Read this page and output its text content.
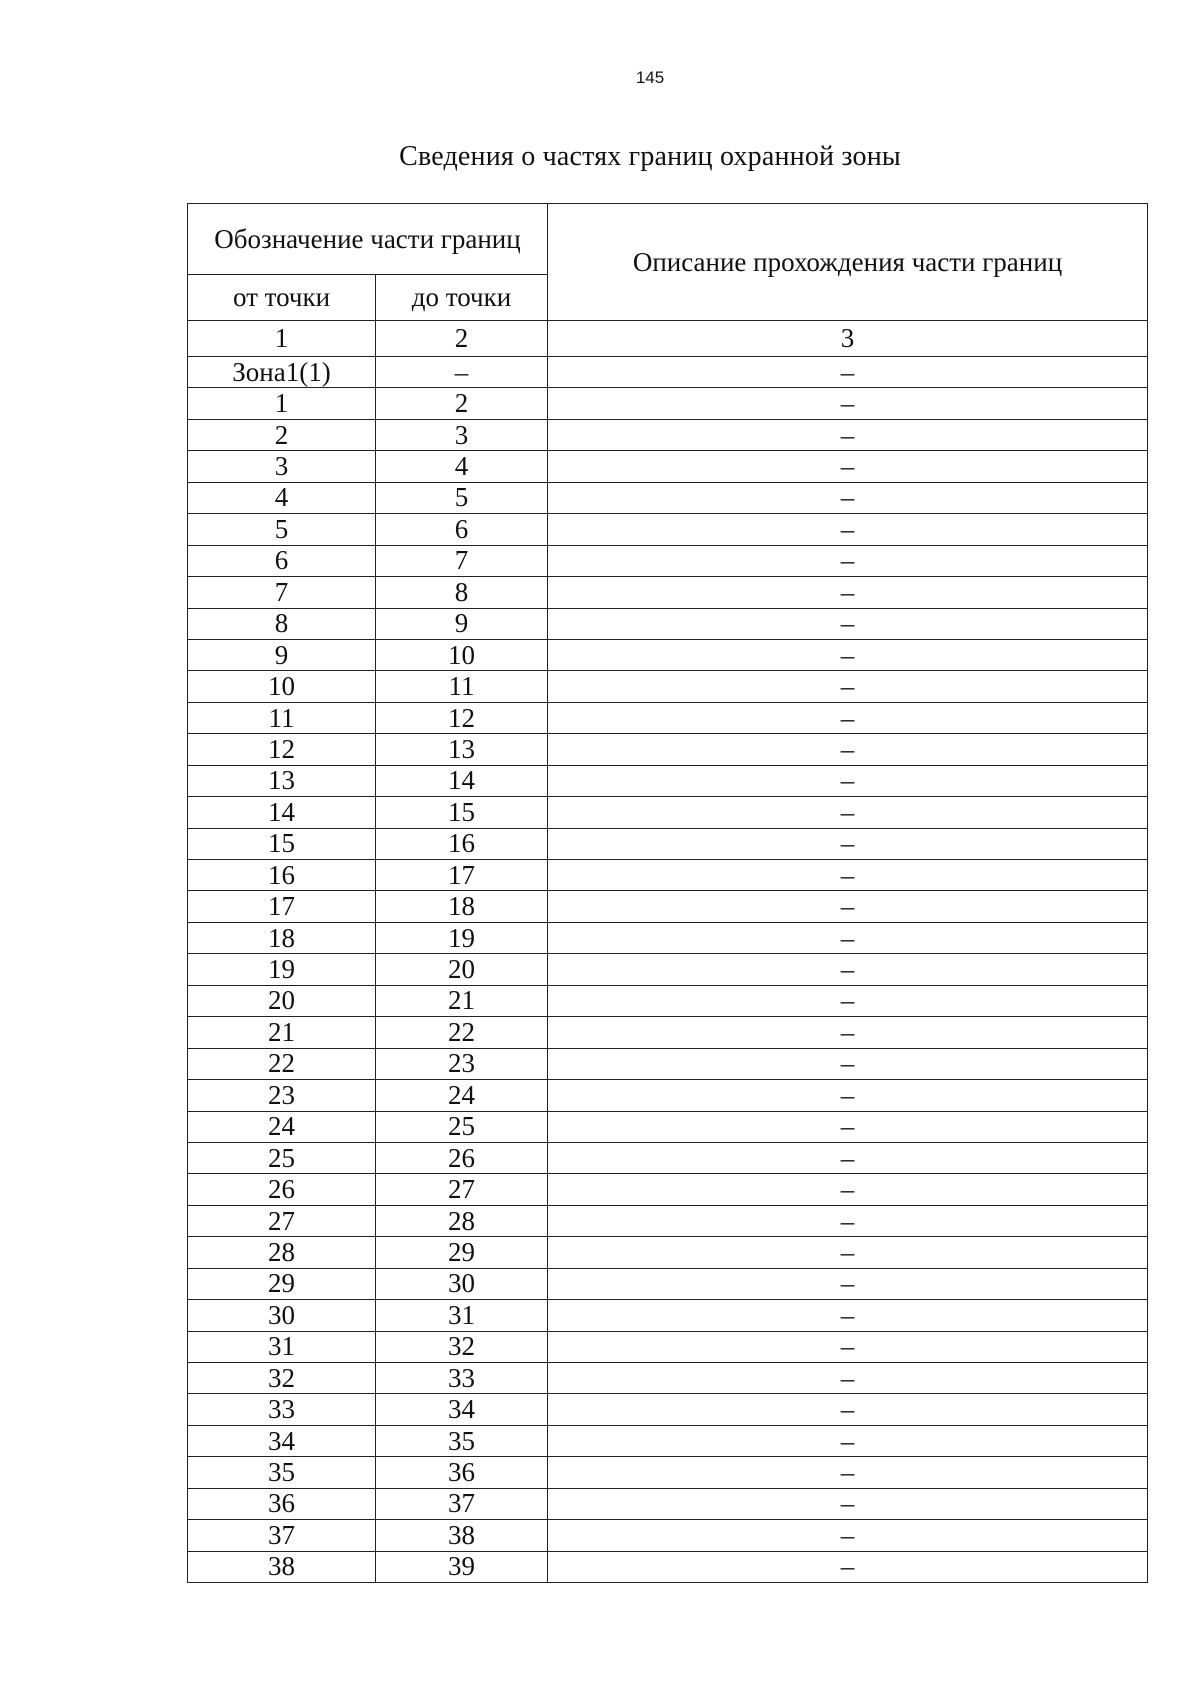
145
Сведения о частях границ охранной зоны
Обозначение части границ		Описание прохождения части границ
от точки	до точки	
1	2	3
Зона1(1)	–	–
1	2	–
2	3	–
3	4	–
4	5	–
5	6	–
6	7	–
7	8	–
8	9	–
9	10	–
10	11	–
11	12	–
12	13	–
13	14	–
14	15	–
15	16	–
16	17	–
17	18	–
18	19	–
19	20	–
20	21	–
21	22	–
22	23	–
23	24	–
24	25	–
25	26	–
26	27	–
27	28	–
28	29	–
29	30	–
30	31	–
31	32	–
32	33	–
33	34	–
34	35	–
35	36	–
36	37	–
37	38	–
38	39	–
